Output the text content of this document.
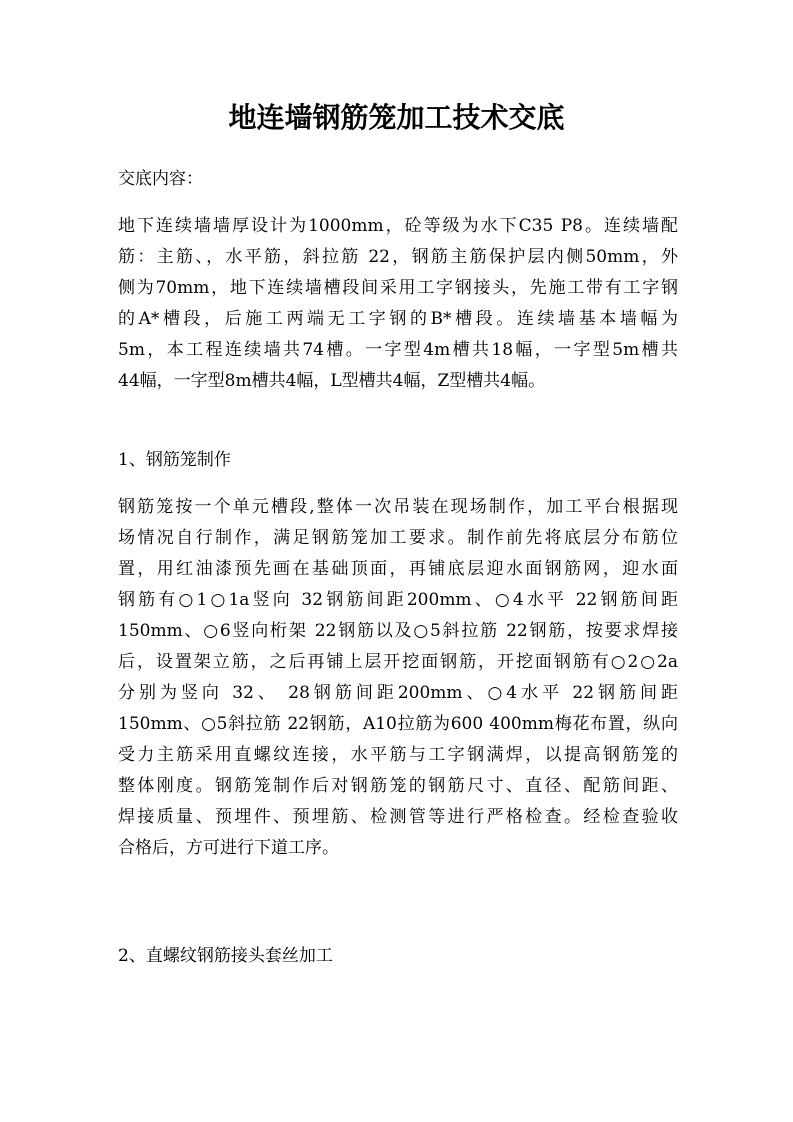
地连墙钢筋笼加工技术交底

交底内容：

地下连续墙墙厚设计为1000mm，砼等级为水下C35 P8。连续墙配
筋：主筋、，水平筋，斜拉筋 22，钢筋主筋保护层内侧50mm，外
侧为70mm，地下连续墙槽段间采用工字钢接头，先施工带有工字钢
的A*槽段，后施工两端无工字钢的B*槽段。连续墙基本墙幅为
5m，本工程连续墙共74槽。一字型4m槽共18幅，一字型5m槽共
44幅，一字型8m槽共4幅，L型槽共4幅，Z型槽共4幅。

1、钢筋笼制作

钢筋笼按一个单元槽段,整体一次吊装在现场制作，加工平台根据现
场情况自行制作，满足钢筋笼加工要求。制作前先将底层分布筋位
置，用红油漆预先画在基础顶面，再铺底层迎水面钢筋网，迎水面
钢筋有○1○1a竖向 32钢筋间距200mm、○4水平 22钢筋间距
150mm、○6竖向桁架 22钢筋以及○5斜拉筋 22钢筋，按要求焊接
后，设置架立筋，之后再铺上层开挖面钢筋，开挖面钢筋有○2○2a
分别为竖向 32、 28钢筋间距200mm、○4水平 22钢筋间距
150mm、○5斜拉筋 22钢筋，A10拉筋为600 400mm梅花布置，纵向
受力主筋采用直螺纹连接，水平筋与工字钢满焊，以提高钢筋笼的
整体刚度。钢筋笼制作后对钢筋笼的钢筋尺寸、直径、配筋间距、
焊接质量、预埋件、预埋筋、检测管等进行严格检查。经检查验收
合格后，方可进行下道工序。

2、直螺纹钢筋接头套丝加工
